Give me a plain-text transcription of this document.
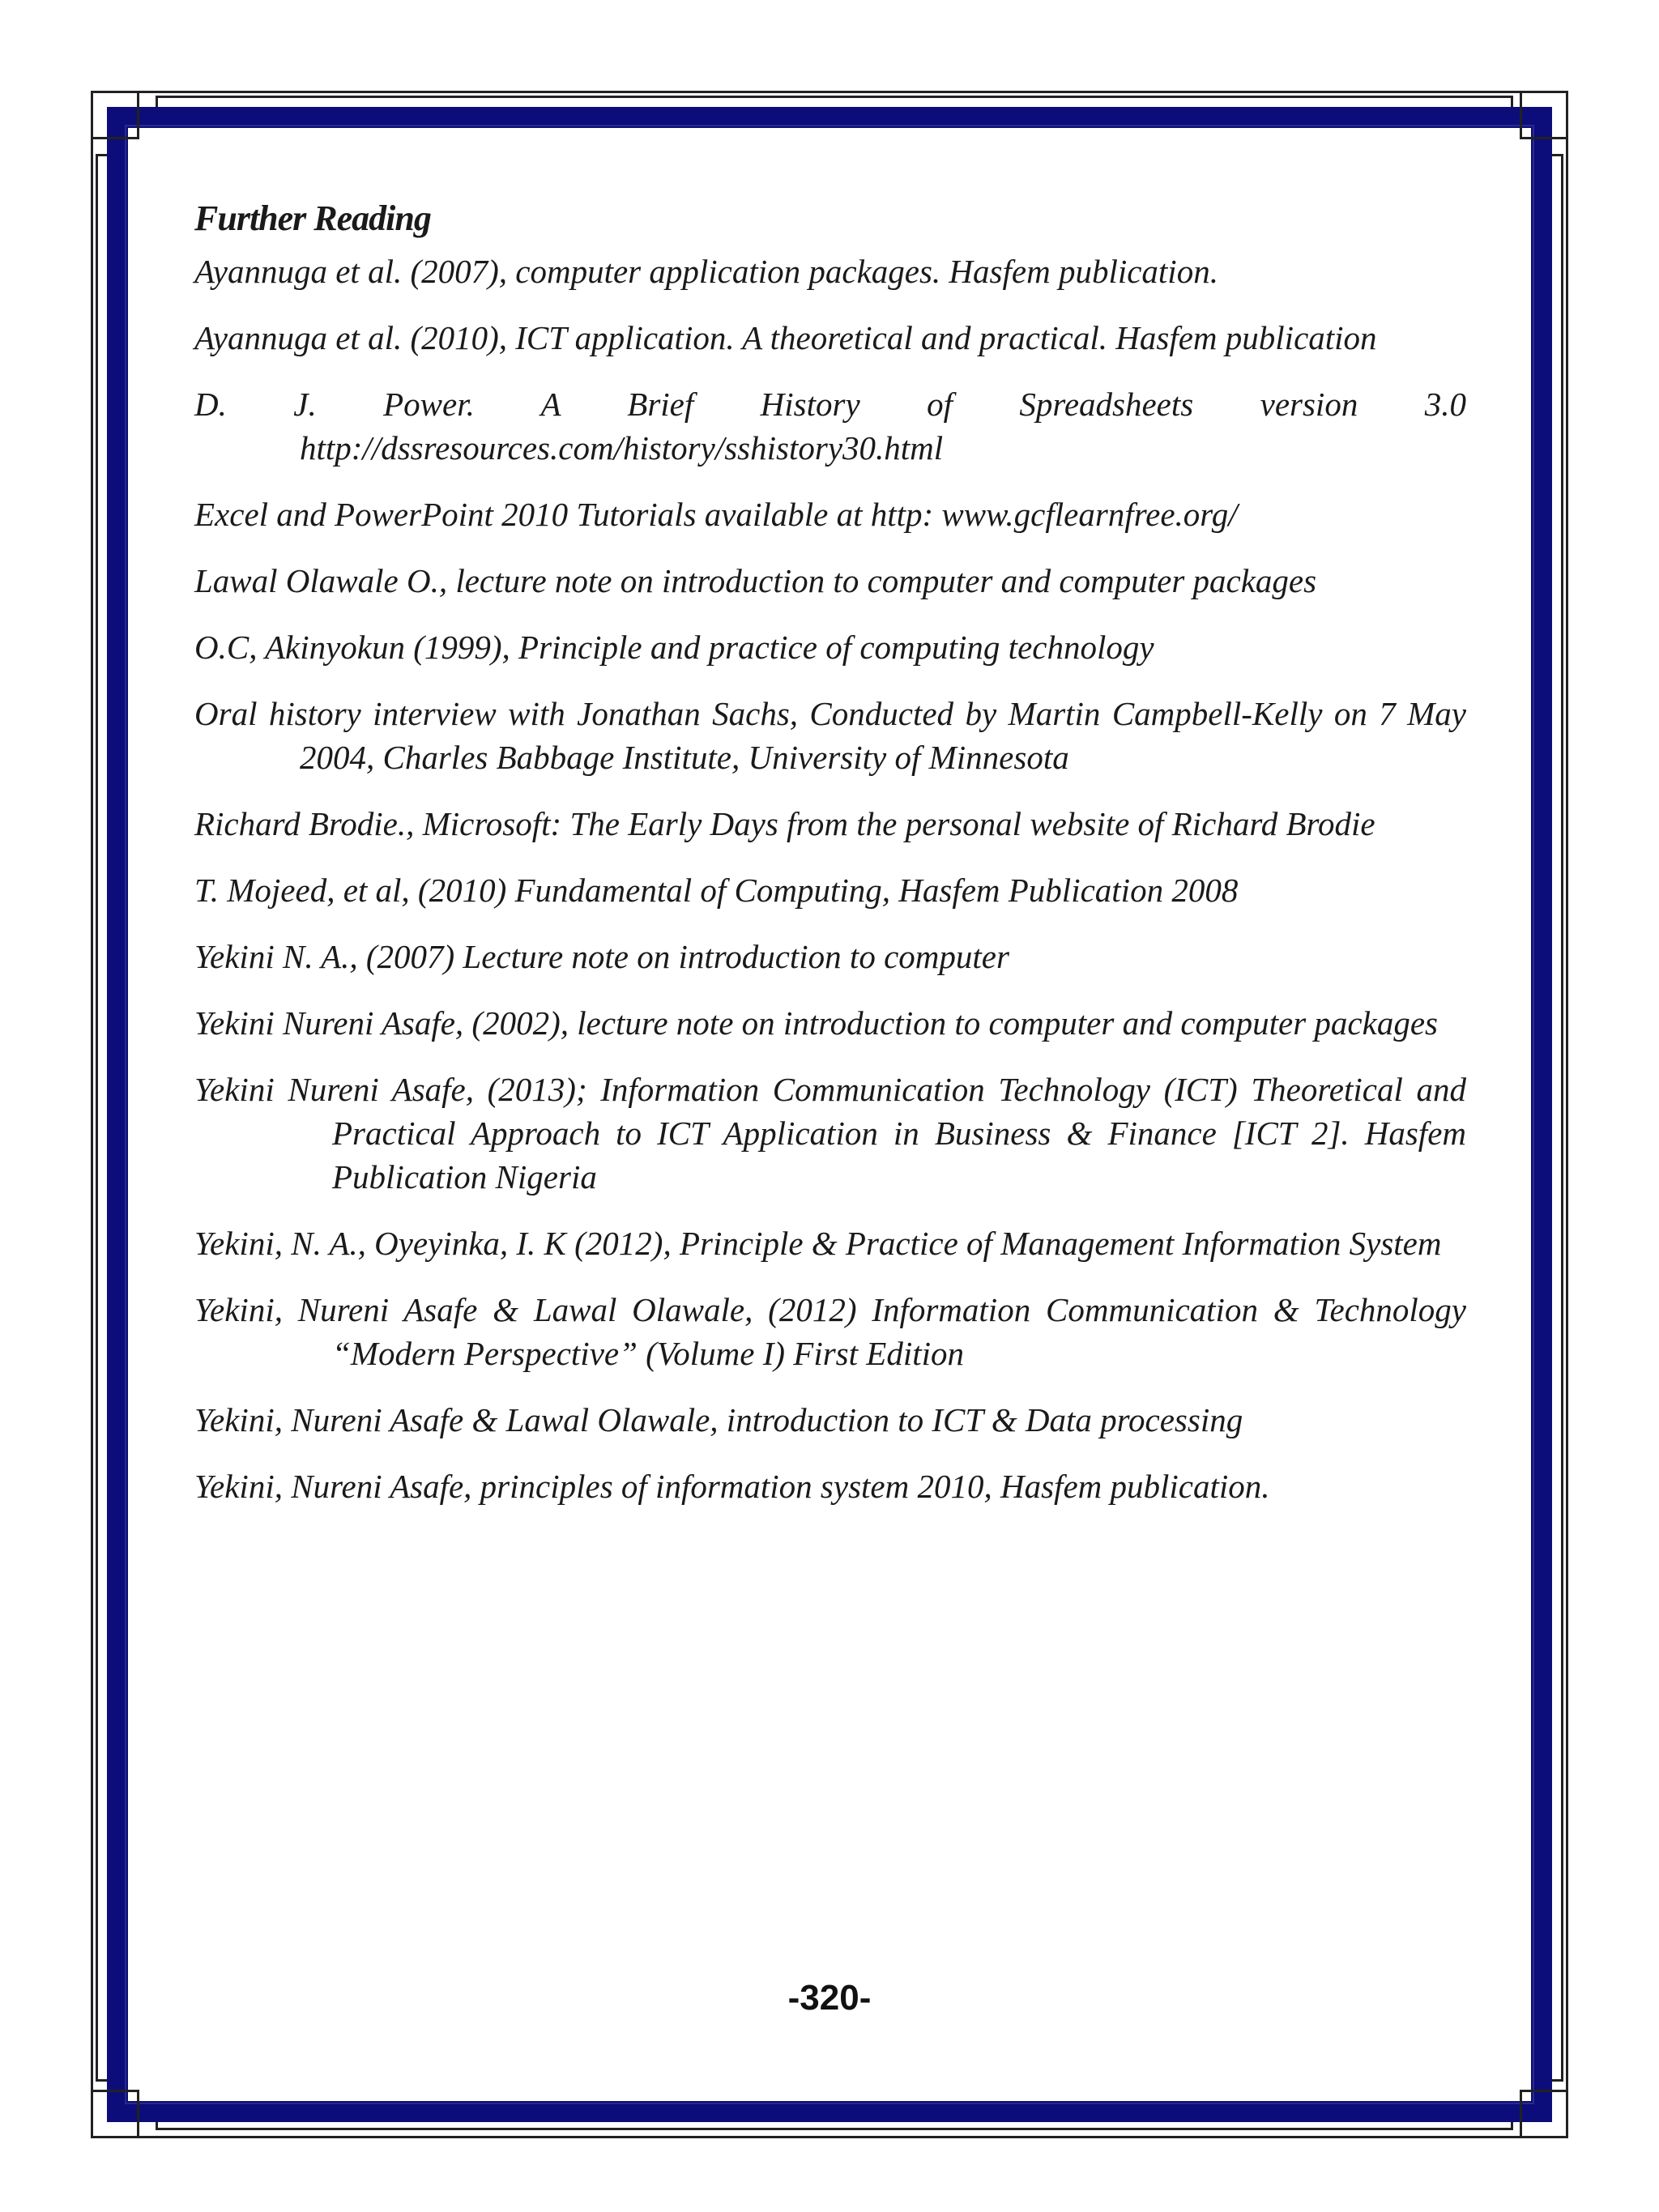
Further Reading

Ayannuga et al. (2007), computer application packages. Hasfem publication.

Ayannuga et al. (2010), ICT application. A theoretical and practical. Hasfem publication

D. J. Power. A Brief History of Spreadsheets version 3.0 http://dssresources.com/history/sshistory30.html

Excel and PowerPoint 2010 Tutorials available at http: www.gcflearnfree.org/

Lawal Olawale O., lecture note on introduction to computer and computer packages

O.C, Akinyokun (1999), Principle and practice of computing technology

Oral history interview with Jonathan Sachs, Conducted by Martin Campbell-Kelly on 7 May 2004, Charles Babbage Institute, University of Minnesota

Richard Brodie., Microsoft: The Early Days from the personal website of Richard Brodie

T. Mojeed, et al, (2010) Fundamental of Computing, Hasfem Publication 2008

Yekini N. A., (2007) Lecture note on introduction to computer

Yekini Nureni Asafe, (2002), lecture note on introduction to computer and computer packages

Yekini Nureni Asafe, (2013); Information Communication Technology (ICT) Theoretical and Practical Approach to ICT Application in Business & Finance [ICT 2]. Hasfem Publication Nigeria

Yekini, N. A., Oyeyinka, I. K (2012), Principle & Practice of Management Information System

Yekini, Nureni Asafe & Lawal Olawale, (2012) Information Communication & Technology “Modern Perspective” (Volume I) First Edition

Yekini, Nureni Asafe & Lawal Olawale, introduction to ICT & Data processing

Yekini, Nureni Asafe, principles of information system 2010, Hasfem publication.

-320-
